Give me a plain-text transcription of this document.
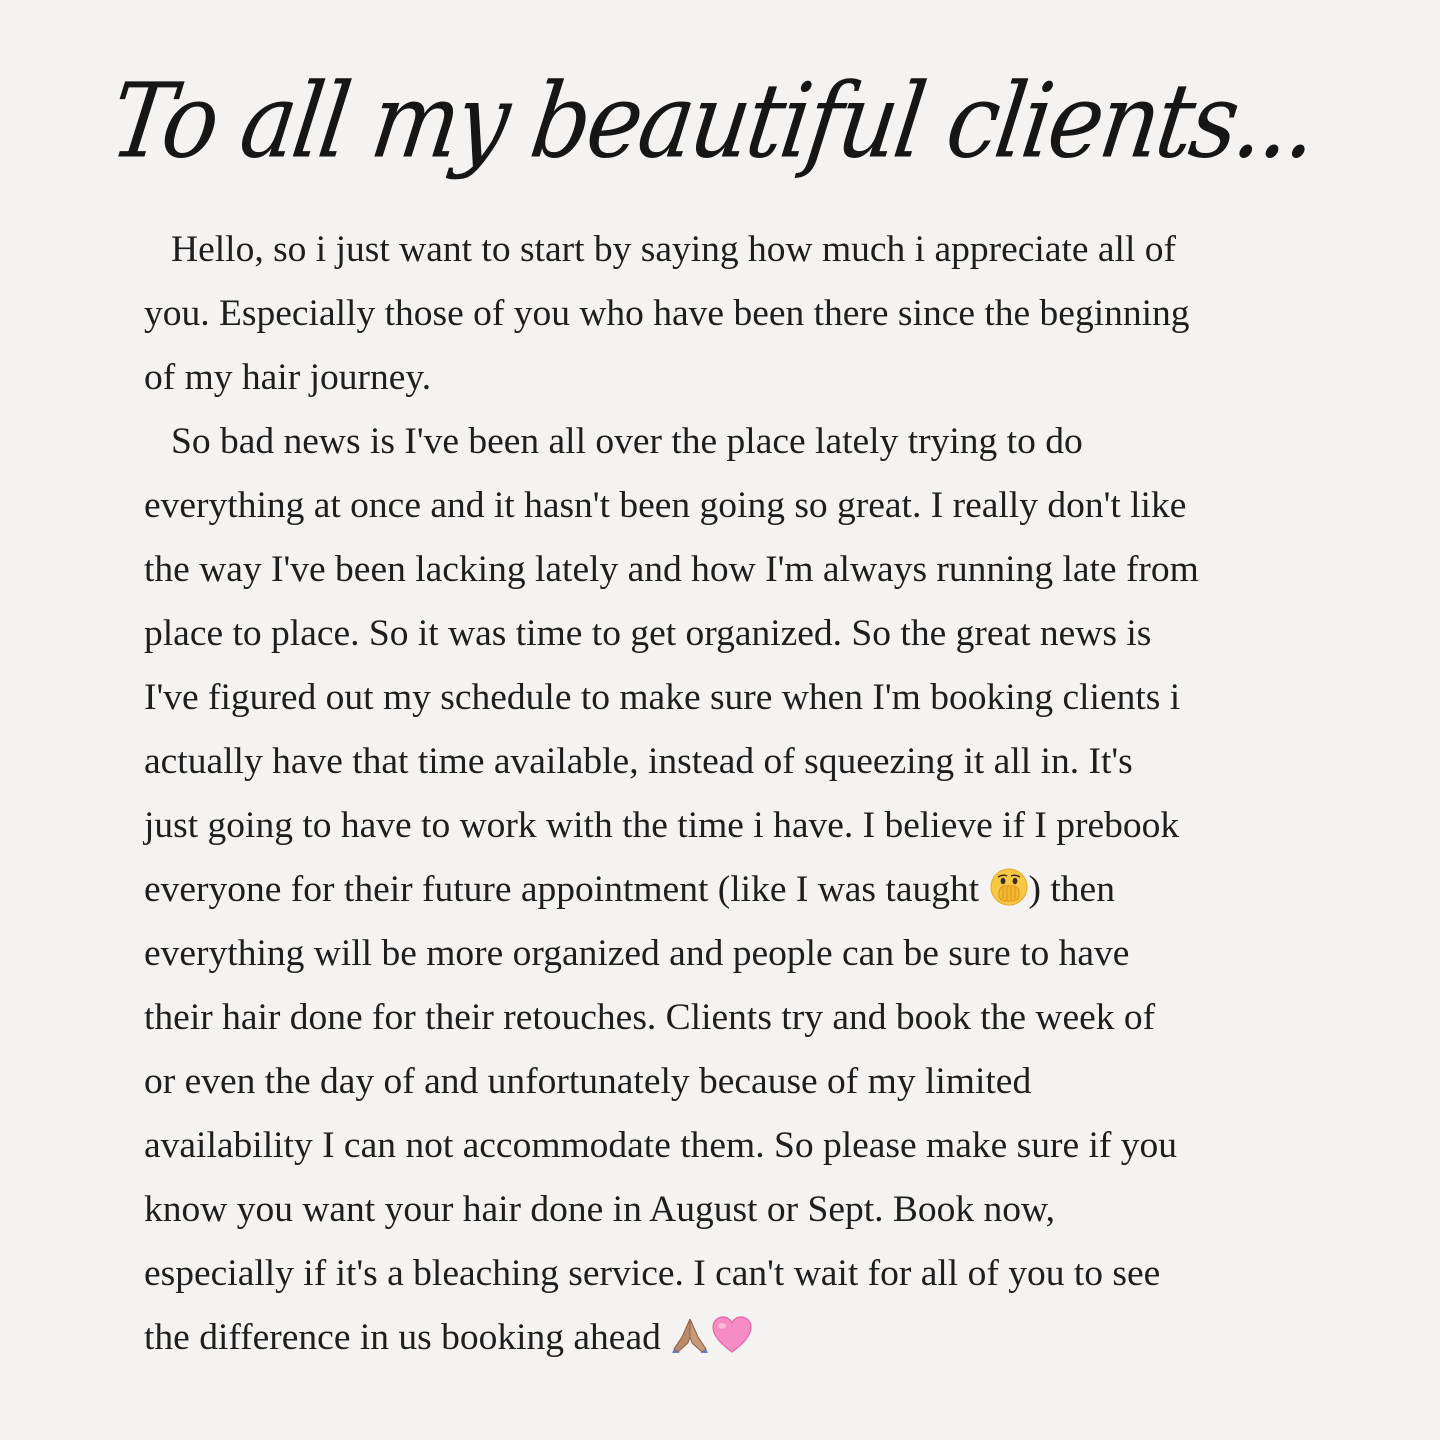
To all my beautiful clients...
Hello, so i just want to start by saying how much i appreciate all of
you. Especially those of you who have been there since the beginning
of my hair journey.
So bad news is I've been all over the place lately trying to do
everything at once and it hasn't been going so great. I really don't like
the way I've been lacking lately and how I'm always running late from
place to place. So it was time to get organized. So the great news is
I've figured out my schedule to make sure when I'm booking clients i
actually have that time available, instead of squeezing it all in. It's
just going to have to work with the time i have. I believe if I prebook
everyone for their future appointment (like I was taught ) then
everything will be more organized and people can be sure to have
their hair done for their retouches. Clients try and book the week of
or even the day of and unfortunately because of my limited
availability I can not accommodate them. So please make sure if you
know you want your hair done in August or Sept. Book now,
especially if it's a bleaching service. I can't wait for all of you to see
the difference in us booking ahead
